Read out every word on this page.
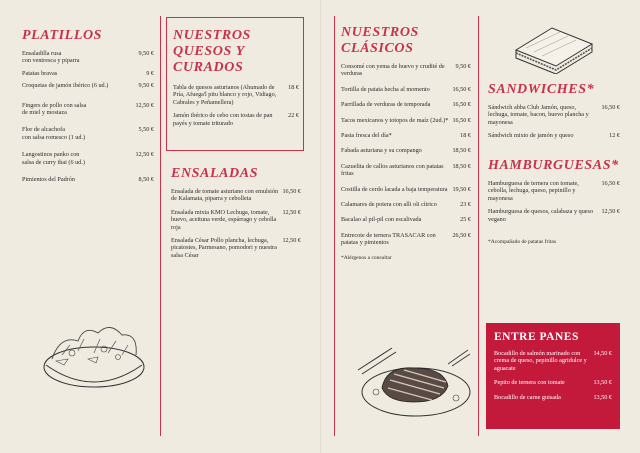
PLATILLOS
Ensaladilla rusa
con ventresca y piparra
9,50 €
Patatas bravas	9 €
Croquetas de jamón ibérico (6 ud.)	9,50 €
Fingers de pollo con salsa
de miel y mostaza
12,50 €
Flor de alcachofa
con salsa romesco (1 ud.)
5,50 €
Langostinos panko con
salsa de curry thai (6 ud.)
12,50 €
Pimientos del Padrón	8,50 €
NUESTROS
QUESOS Y
CURADOS
Tabla de quesos asturianos (Ahumado de Pría, Afuega'l pitu blanco y rojo, Vidiago, Cabrales y Peñamellera)
18 €
Jamón ibérico de cebo con tostas de pan payés y tomate triturado
22 €
ENSALADAS
Ensalada de tomate asturiano con emulsión de Kalamata, piparra y cebolleta
16,50 €
Ensalada mixta KMO Lechuga, tomate, huevo, aceituna verde, espárrago y cebolla roja
12,50 €
Ensalada César Pollo plancha, lechuga, picatostes, Parmesano, pomodori y nuestra salsa César
12,50 €
NUESTROS
CLÁSICOS
Consomé con yema de huevo y crudité de verduras
9,50 €
Tortilla de patata hecha al momento	16,50 €
Parrillada de verduras de temporada	16,50 €
Tacos mexicanos y totopos de maíz (2ud.)* 16,50 €
Pasta fresca del día*	18 €
Fabada asturiana y su compango	18,50 €
Cazuelita de callos asturianos con patatas fritas
18,50 €
Costilla de cerdo lacada a baja temperatura 19,50 €
Calamares de potera con alli oli cítrico	23 €
Bacalao al pil-pil con escalivada	25 €
Entrecote de ternera TRASACAR con patatas y pimientos
26,50 €
*Alérgenos a consultar
SANDWICHES*
Sándwich abba Club Jamón, queso, lechuga, tomate, bacon, huevo plancha y mayonesa
16,50 €
Sándwich mixto de jamón y queso	12 €
HAMBURGUESAS*
Hamburguesa de ternera con tomate, cebolla, lechuga, queso, pepinillo y mayonesa
16,50 €
Hamburguesa de quesos, calabaza y queso vegano
12,50 €
*Acompañado de patatas fritas
ENTRE PANES
Bocadillo de salmón marinado con crema de queso, pepinillo agridulce y aguacate
14,50 €
Pepito de ternera con tomate	13,50 €
Bocadillo de carne guisada	13,50 €
